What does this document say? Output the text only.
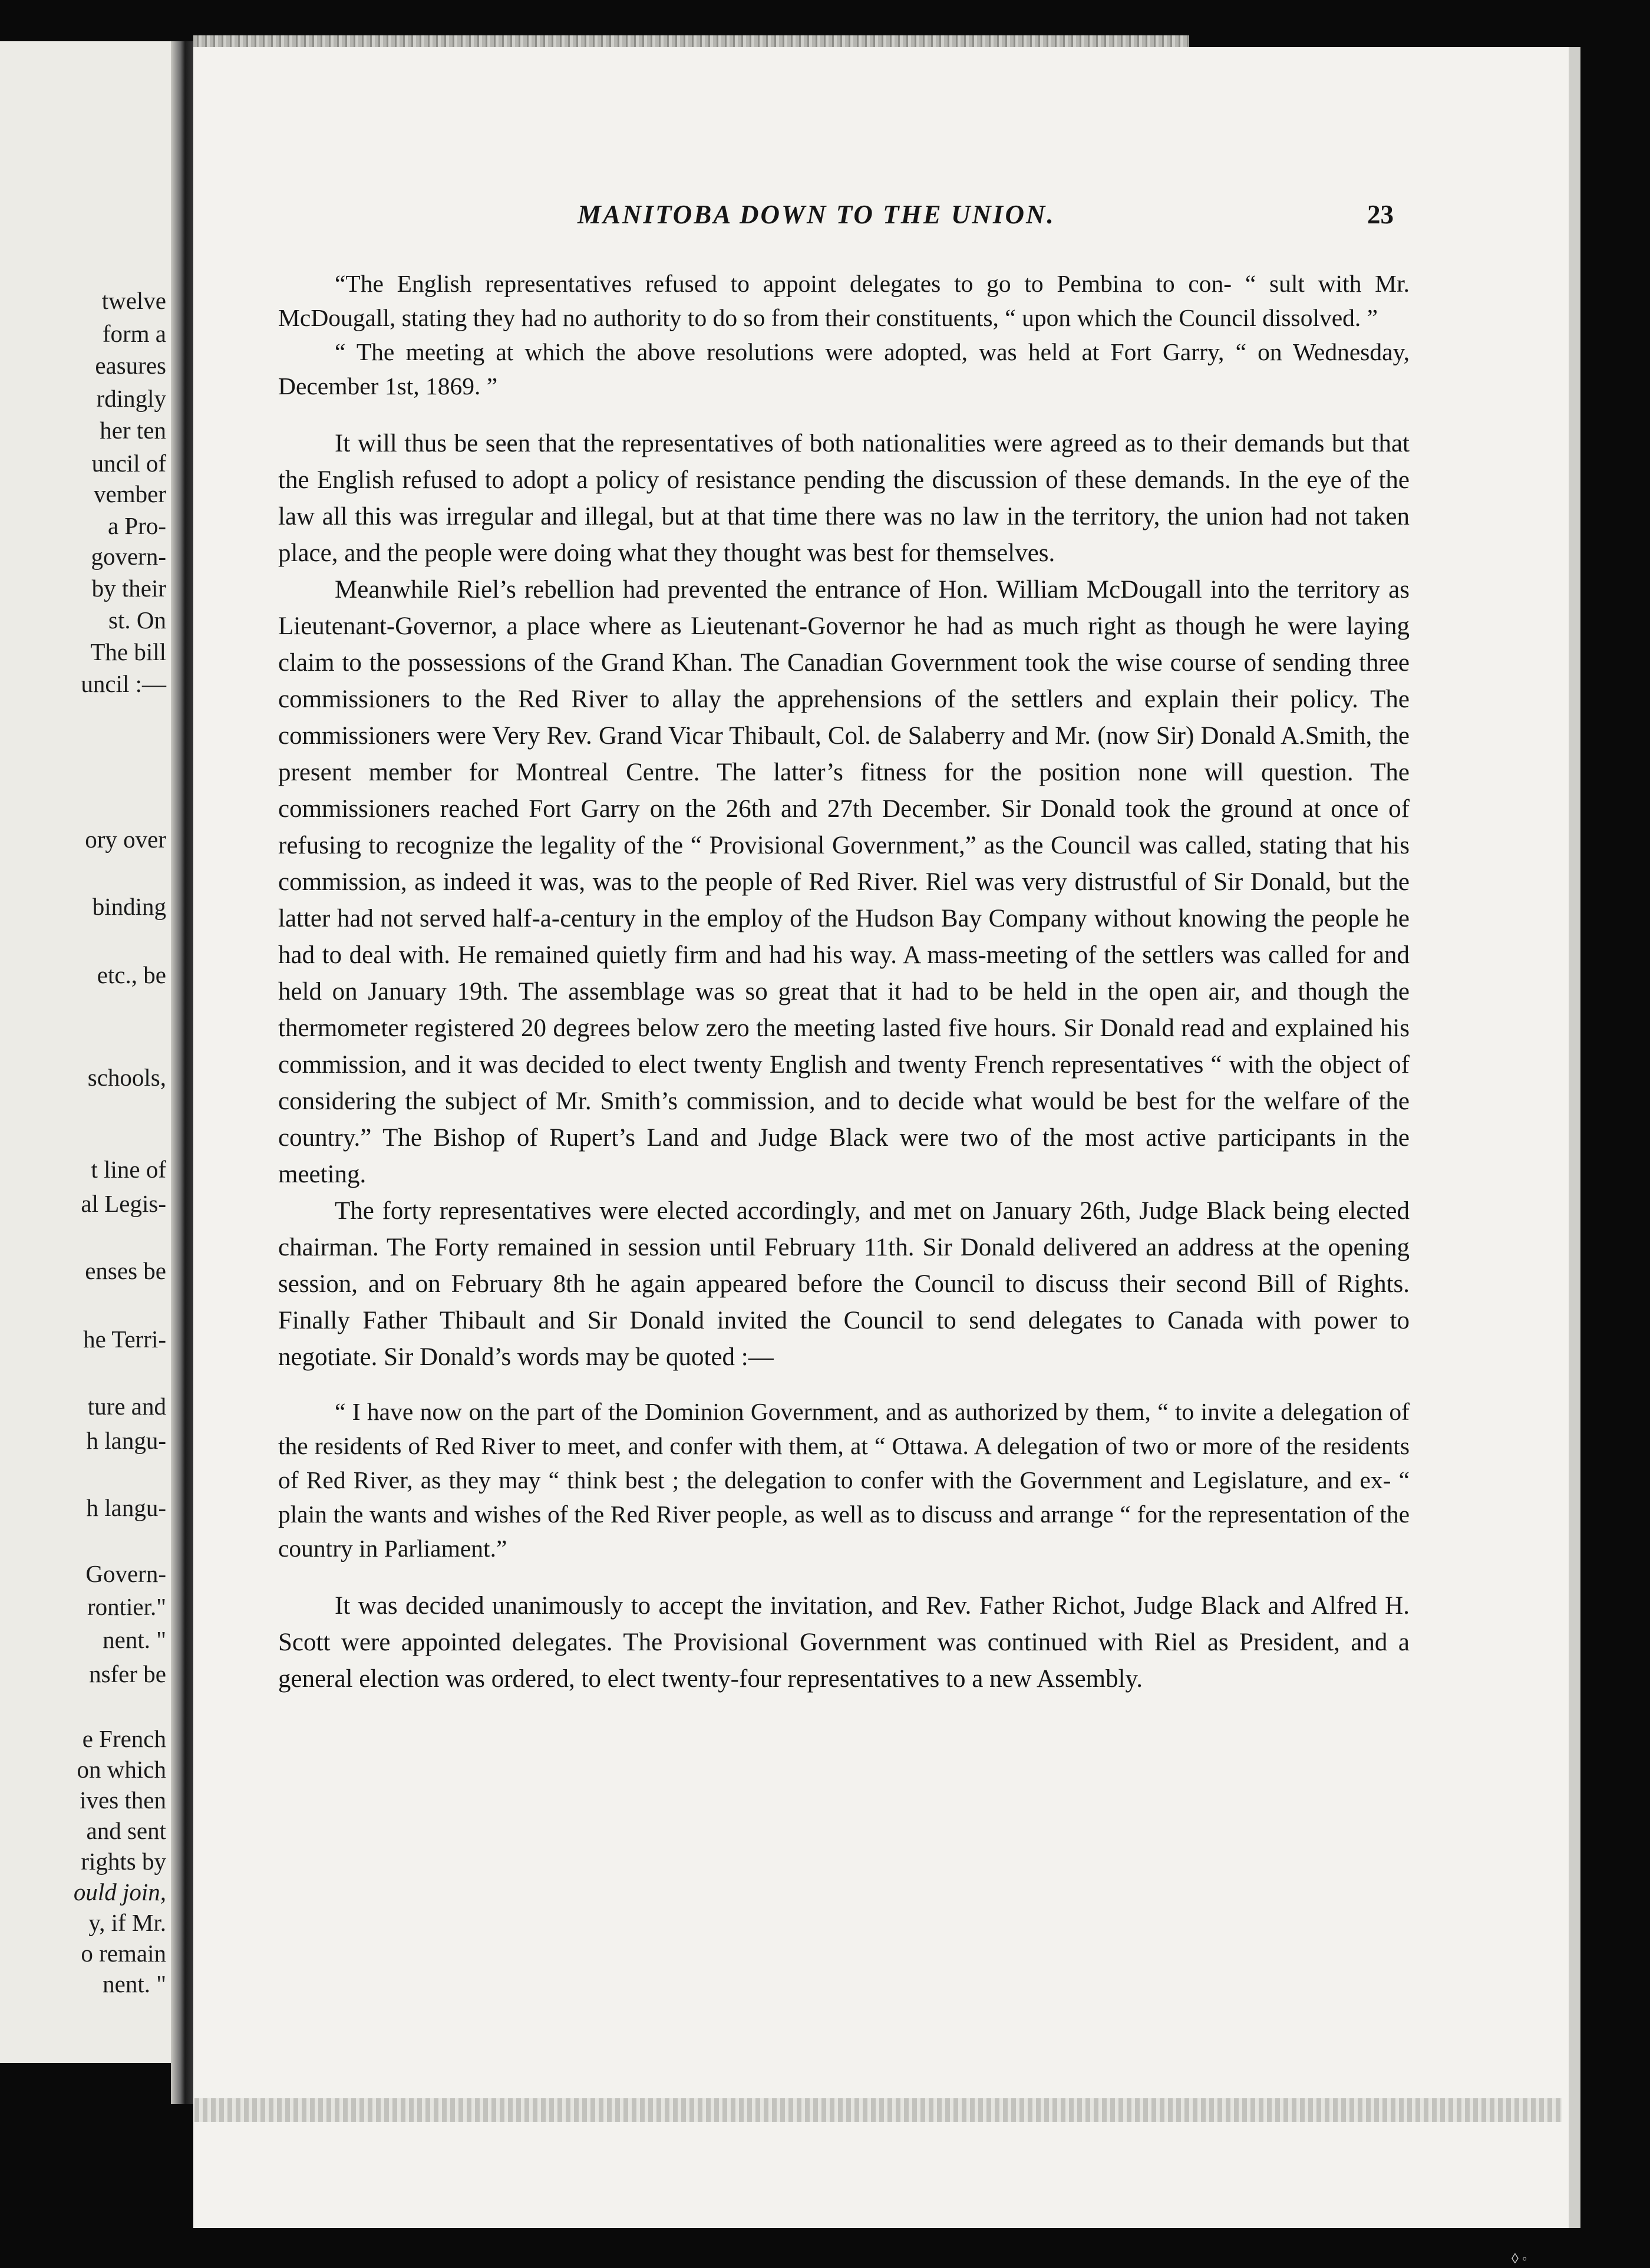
twelve

form a

easures

rdingly

her ten

uncil of

vember

a Pro-

govern-

by their

st. On

The bill

uncil :—

ory over

binding

etc., be

schools,

t line of

al Legis-

enses be

he Terri-

ture and

h langu-

h langu-

Govern-

rontier."

nent. "

nsfer be

e French

on which

ives then

and sent

rights by

ould join,

y, if Mr.

o remain

nent. "

MANITOBA DOWN TO THE UNION.	23

“The English representatives refused to appoint delegates to go to Pembina to con- “ sult with Mr. McDougall, stating they had no authority to do so from their constituents, “ upon which the Council dissolved. ”

“ The meeting at which the above resolutions were adopted, was held at Fort Garry, “ on Wednesday, December 1st, 1869. ”

It will thus be seen that the representatives of both nationalities were agreed as to their demands but that the English refused to adopt a policy of resistance pending the discussion of these demands. In the eye of the law all this was irregular and illegal, but at that time there was no law in the territory, the union had not taken place, and the people were doing what they thought was best for themselves.

Meanwhile Riel’s rebellion had prevented the entrance of Hon. William McDougall into the territory as Lieutenant-Governor, a place where as Lieutenant-Governor he had as much right as though he were laying claim to the possessions of the Grand Khan. The Canadian Government took the wise course of sending three commissioners to the Red River to allay the apprehensions of the settlers and explain their policy. The commissioners were Very Rev. Grand Vicar Thibault, Col. de Salaberry and Mr. (now Sir) Donald A.Smith, the present member for Montreal Centre. The latter’s fitness for the position none will question. The commissioners reached Fort Garry on the 26th and 27th December. Sir Donald took the ground at once of refusing to recognize the legality of the “ Provisional Government,” as the Council was called, stating that his commission, as indeed it was, was to the people of Red River. Riel was very distrustful of Sir Donald, but the latter had not served half-a-century in the employ of the Hudson Bay Company without knowing the people he had to deal with. He remained quietly firm and had his way. A mass-meeting of the settlers was called for and held on January 19th. The assemblage was so great that it had to be held in the open air, and though the thermometer registered 20 degrees below zero the meeting lasted five hours. Sir Donald read and explained his commission, and it was decided to elect twenty English and twenty French representatives “ with the object of considering the subject of Mr. Smith’s commission, and to decide what would be best for the welfare of the country.” The Bishop of Rupert’s Land and Judge Black were two of the most active participants in the meeting.

The forty representatives were elected accordingly, and met on January 26th, Judge Black being elected chairman. The Forty remained in session until February 11th. Sir Donald delivered an address at the opening session, and on February 8th he again appeared before the Council to discuss their second Bill of Rights. Finally Father Thibault and Sir Donald invited the Council to send delegates to Canada with power to negotiate. Sir Donald’s words may be quoted :—

“ I have now on the part of the Dominion Government, and as authorized by them, “ to invite a delegation of the residents of Red River to meet, and confer with them, at “ Ottawa. A delegation of two or more of the residents of Red River, as they may “ think best ; the delegation to confer with the Government and Legislature, and ex- “ plain the wants and wishes of the Red River people, as well as to discuss and arrange “ for the representation of the country in Parliament.”

It was decided unanimously to accept the invitation, and Rev. Father Richot, Judge Black and Alfred H. Scott were appointed delegates. The Provisional Government was continued with Riel as President, and a general election was ordered, to elect twenty-four representatives to a new Assembly.

◊ ◦
